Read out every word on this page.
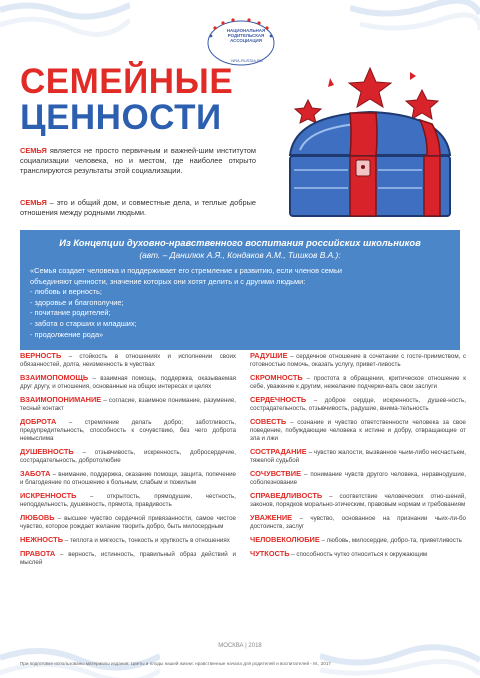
НАЦИОНАЛЬНАЯ РОДИТЕЛЬСКАЯ АССОЦИАЦИЯ
NRA-RUSSIA.RU
СЕМЕЙНЫЕ
ЦЕННОСТИ
СЕМЬЯ является не просто первичным и важней-шим институтом социализации человека, но и местом, где наиболее открыто транслируются результаты этой социализации.
СЕМЬЯ – это и общий дом, и совместные дела, и теплые добрые отношения между родными людьми.
Из Концепции духовно-нравственного воспитания российских школьников
(авт. – Данилюк А.Я., Кондаков А.М., Тишков В.А.):
«Семья создает человека и поддерживает его стремление к развитию, если членов семьи
объединяют ценности, значение которых они хотят делить и с другими людьми:
- любовь и верность;
- здоровье и благополучие;
- почитание родителей;
- забота о старших и младших;
- продолжение рода»
ВЕРНОСТЬ – стойкость в отношениях и исполнении своих обязанностей, долга, неизменность в чувствах
ВЗАИМОПОМОЩЬ – взаимная помощь, поддержка, оказываемая друг другу, и отношения, основанные на общих интересах и целях
ВЗАИМОПОНИМАНИЕ – согласие, взаимное понимание, разумение, тесный контакт
ДОБРОТА – стремление делать добро; заботливость, предупредительность, способность к сочувствию, без чего доброта немыслима
ДУШЕВНОСТЬ – отзывчивость, искренность, добросердечие, сострадательность, добротолюбие
ЗАБОТА – внимание, поддержка, оказание помощи, защита, попечение и благодеяние по отношению к больным, слабым и пожилым
ИСКРЕННОСТЬ – открытость, прямодушие, честность, неподдельность, душевность, прямота, правдивость
ЛЮБОВЬ – высшее чувство сердечной привязанности, самое чистое чувство, которое рождает желание творить добро, быть милосердным
НЕЖНОСТЬ – теплота и мягкость, тонкость и хрупкость в отношениях
ПРАВОТА – верность, истинность, правильный образ действий и мыслей
РАДУШИЕ – сердечное отношение в сочетании с госте-приимством, с готовностью помочь, оказать услугу, привет-ливость
СКРОМНОСТЬ – простота в обращении, критическое отношение к себе, уважение к другим, нежелание подчерки-вать свои заслуги
СЕРДЕЧНОСТЬ – доброе сердце, искренность, душев-ность, сострадательность, отзывчивость, радушие, внима-тельность
СОВЕСТЬ – сознание и чувство ответственности человека за свое поведение, побуждающие человека к истине и добру, отвращающие от зла и лжи
СОСТРАДАНИЕ – чувство жалости, вызванное чьим-либо несчастьем, тяжелой судьбой
СОЧУВСТВИЕ – понимание чувств другого человека, неравнодушие, соболезнование
СПРАВЕДЛИВОСТЬ – соответствие человеческих отно-шений, законов, порядков морально-этическим, правовым нормам и требованиям
УВАЖЕНИЕ – чувство, основанное на признании чьих-ли-бо достоинств, заслуг
ЧЕЛОВЕКОЛЮБИЕ – любовь, милосердие, добро-та, приветливость
ЧУТКОСТЬ – способность чутко относиться к окружающим
МОСКВА | 2018
При подготовке использованы материалы издания: Цветы и плоды нашей жизни: нравственные начала для родителей и воспитателей - М., 2017
